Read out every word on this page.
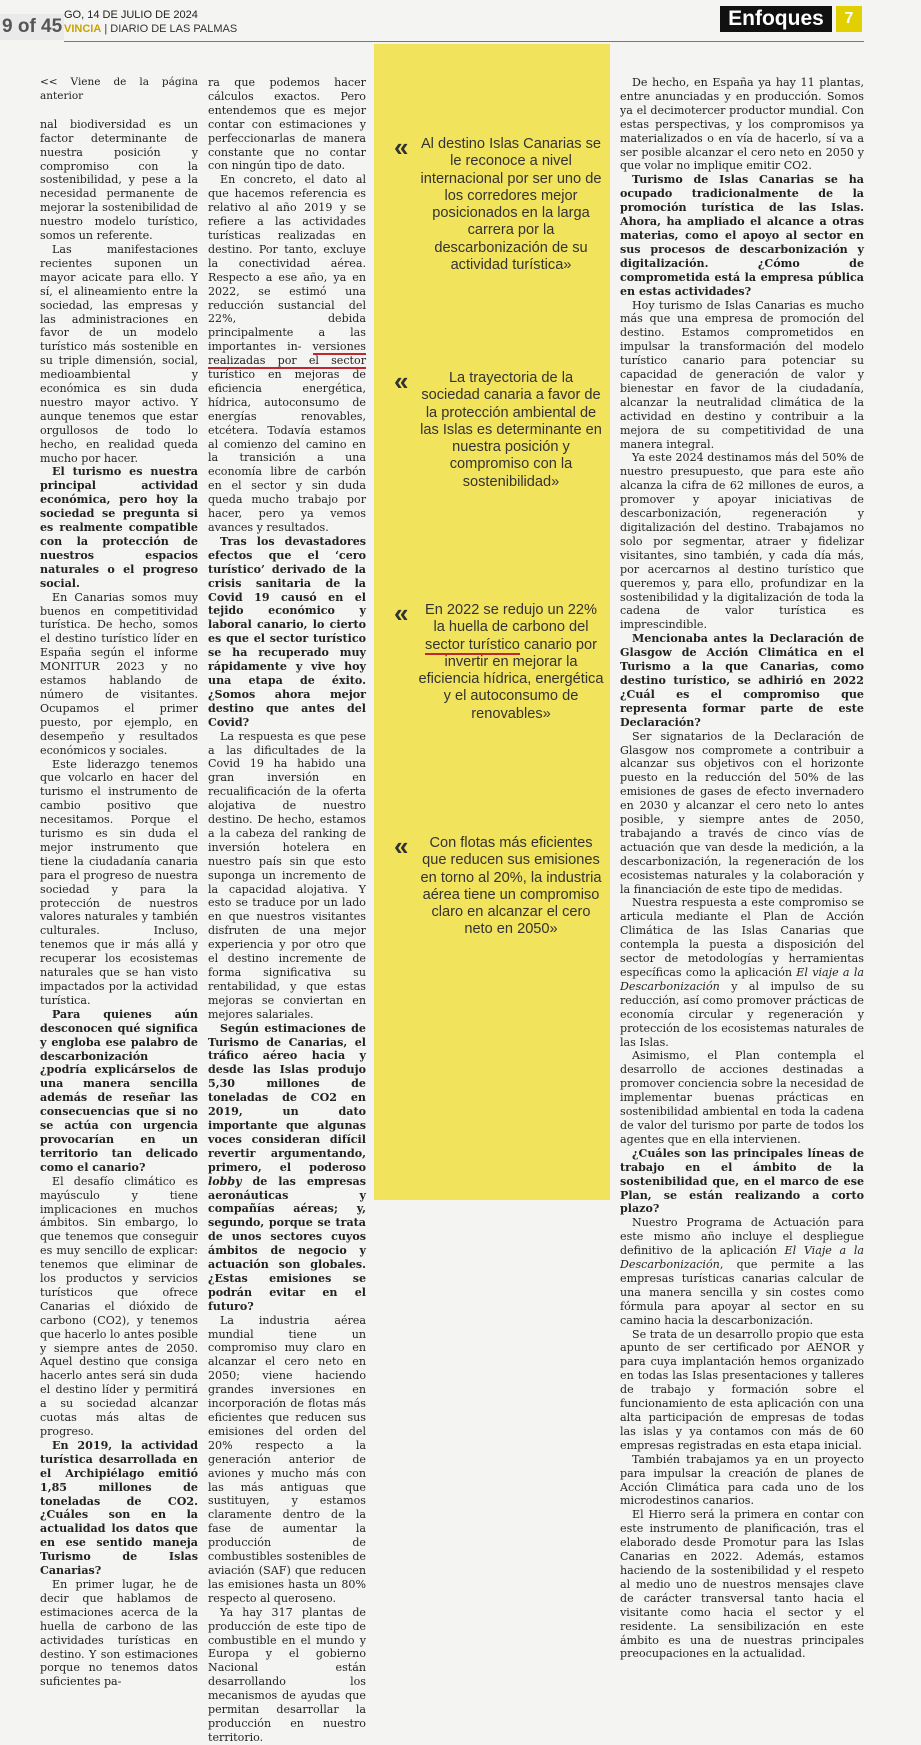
9 of 45
GO, 14 DE JULIO DE 2024
VINCIA | DIARIO DE LAS PALMAS	Enfoques	7

<< Viene de la página anterior

nal biodiversidad es un factor determinante de nuestra posición y compromiso con la sostenibilidad, y pese a la necesidad permanente de mejorar la sostenibilidad de nuestro modelo turístico, somos un referente.

Las manifestaciones recientes suponen un mayor acicate para ello. Y sí, el alineamiento entre la sociedad, las empresas y las administraciones en favor de un modelo turístico más sostenible en su triple dimensión, social, medioambiental y económica es sin duda nuestro mayor activo. Y aunque tenemos que estar orgullosos de todo lo hecho, en realidad queda mucho por hacer.

El turismo es nuestra principal actividad económica, pero hoy la sociedad se pregunta si es realmente compatible con la protección de nuestros espacios naturales o el progreso social.

En Canarias somos muy buenos en competitividad turística. De hecho, somos el destino turístico líder en España según el informe MONITUR 2023 y no estamos hablando de número de visitantes. Ocupamos el primer puesto, por ejemplo, en desempeño y resultados económicos y sociales.

Este liderazgo tenemos que volcarlo en hacer del turismo el instrumento de cambio positivo que necesitamos. Porque el turismo es sin duda el mejor instrumento que tiene la ciudadanía canaria para el progreso de nuestra sociedad y para la protección de nuestros valores naturales y también culturales. Incluso, tenemos que ir más allá y recuperar los ecosistemas naturales que se han visto impactados por la actividad turística.

Para quienes aún desconocen qué significa y engloba ese palabro de descarbonización ¿podría explicárselos de una manera sencilla además de reseñar las consecuencias que si no se actúa con urgencia provocarían en un territorio tan delicado como el canario?

El desafío climático es mayúsculo y tiene implicaciones en muchos ámbitos. Sin embargo, lo que tenemos que conseguir es muy sencillo de explicar: tenemos que eliminar de los productos y servicios turísticos que ofrece Canarias el dióxido de carbono (CO2), y tenemos que hacerlo lo antes posible y siempre antes de 2050. Aquel destino que consiga hacerlo antes será sin duda el destino líder y permitirá a su sociedad alcanzar cuotas más altas de progreso.

En 2019, la actividad turística desarrollada en el Archipiélago emitió 1,85 millones de toneladas de CO2. ¿Cuáles son en la actualidad los datos que en ese sentido maneja Turismo de Islas Canarias?

En primer lugar, he de decir que hablamos de estimaciones acerca de la huella de carbono de las actividades turísticas en destino. Y son estimaciones porque no tenemos datos suficientes pa-

ra que podemos hacer cálculos exactos. Pero entendemos que es mejor contar con estimaciones y perfeccionarlas de manera constante que no contar con ningún tipo de dato.

En concreto, el dato al que hacemos referencia es relativo al año 2019 y se refiere a las actividades turísticas realizadas en destino. Por tanto, excluye la conectividad aérea. Respecto a ese año, ya en 2022, se estimó una reducción sustancial del 22%, debida principalmente a las importantes in- versiones realizadas por el sector turístico en mejoras de eficiencia energética, hídrica, autoconsumo de energías renovables, etcétera. Todavía estamos al comienzo del camino en la transición a una economía libre de carbón en el sector y sin duda queda mucho trabajo por hacer, pero ya vemos avances y resultados.

Tras los devastadores efectos que el ‘cero turístico’ derivado de la crisis sanitaria de la Covid 19 causó en el tejido económico y laboral canario, lo cierto es que el sector turístico se ha recuperado muy rápidamente y vive hoy una etapa de éxito. ¿Somos ahora mejor destino que antes del Covid?

La respuesta es que pese a las dificultades de la Covid 19 ha habido una gran inversión en recualificación de la oferta alojativa de nuestro destino. De hecho, estamos a la cabeza del ranking de inversión hotelera en nuestro país sin que esto suponga un incremento de la capacidad alojativa. Y esto se traduce por un lado en que nuestros visitantes disfruten de una mejor experiencia y por otro que el destino incremente de forma significativa su rentabilidad, y que estas mejoras se conviertan en mejores salariales.

Según estimaciones de Turismo de Canarias, el tráfico aéreo hacia y desde las Islas produjo 5,30 millones de toneladas de CO2 en 2019, un dato importante que algunas voces consideran difícil revertir argumentando, primero, el poderoso lobby de las empresas aeronáuticas y compañías aéreas; y, segundo, porque se trata de unos sectores cuyos ámbitos de negocio y actuación son globales. ¿Estas emisiones se podrán evitar en el futuro?

La industria aérea mundial tiene un compromiso muy claro en alcanzar el cero neto en 2050; viene haciendo grandes inversiones en incorporación de flotas más eficientes que reducen sus emisiones del orden del 20% respecto a la generación anterior de aviones y mucho más con las más antiguas que sustituyen, y estamos claramente dentro de la fase de aumentar la producción de combustibles sostenibles de aviación (SAF) que reducen las emisiones hasta un 80% respecto al queroseno.

Ya hay 317 plantas de producción de este tipo de combustible en el mundo y Europa y el gobierno Nacional están desarrollando los mecanismos de ayudas que permitan desarrollar la producción en nuestro territorio.

« Al destino Islas Canarias se le reconoce a nivel internacional por ser uno de los corredores mejor posicionados en la larga carrera por la descarbonización de su actividad turística»
«	La trayectoria de la sociedad canaria a favor de la protección ambiental de las Islas es determinante en nuestra posición y compromiso con la sostenibilidad»
«	En 2022 se redujo un 22% la huella de carbono del sector turístico canario por invertir en mejorar la eficiencia hídrica, energética y el autoconsumo de renovables»
«	Con flotas más eficientes que reducen sus emisiones en torno al 20%, la industria aérea tiene un compromiso claro en alcanzar el cero neto en 2050»

De hecho, en España ya hay 11 plantas, entre anunciadas y en producción. Somos ya el decimotercer productor mundial. Con estas perspectivas, y los compromisos ya materializados o en vía de hacerlo, sí va a ser posible alcanzar el cero neto en 2050 y que volar no implique emitir CO2.

Turismo de Islas Canarias se ha ocupado tradicionalmente de la promoción turística de las Islas. Ahora, ha ampliado el alcance a otras materias, como el apoyo al sector en sus procesos de descarbonización y digitalización. ¿Cómo de comprometida está la empresa pública en estas actividades?

Hoy turismo de Islas Canarias es mucho más que una empresa de promoción del destino. Estamos comprometidos en impulsar la transformación del modelo turístico canario para potenciar su capacidad de generación de valor y bienestar en favor de la ciudadanía, alcanzar la neutralidad climática de la actividad en destino y contribuir a la mejora de su competitividad de una manera integral.

Ya este 2024 destinamos más del 50% de nuestro presupuesto, que para este año alcanza la cifra de 62 millones de euros, a promover y apoyar iniciativas de descarbonización, regeneración y digitalización del destino. Trabajamos no solo por segmentar, atraer y fidelizar visitantes, sino también, y cada día más, por acercarnos al destino turístico que queremos y, para ello, profundizar en la sostenibilidad y la digitalización de toda la cadena de valor turística es imprescindible.

Mencionaba antes la Declaración de Glasgow de Acción Climática en el Turismo a la que Canarias, como destino turístico, se adhirió en 2022 ¿Cuál es el compromiso que representa formar parte de este Declaración?

Ser signatarios de la Declaración de Glasgow nos compromete a contribuir a alcanzar sus objetivos con el horizonte puesto en la reducción del 50% de las emisiones de gases de efecto invernadero en 2030 y alcanzar el cero neto lo antes posible, y siempre antes de 2050, trabajando a través de cinco vías de actuación que van desde la medición, a la descarbonización, la regeneración de los ecosistemas naturales y la colaboración y la financiación de este tipo de medidas.

Nuestra respuesta a este compromiso se articula mediante el Plan de Acción Climática de las Islas Canarias que contempla la puesta a disposición del sector de metodologías y herramientas específicas como la aplicación El viaje a la Descarbonización y al impulso de su reducción, así como promover prácticas de economía circular y regeneración y protección de los ecosistemas naturales de las Islas.

Asimismo, el Plan contempla el desarrollo de acciones destinadas a promover conciencia sobre la necesidad de implementar buenas prácticas en sostenibilidad ambiental en toda la cadena de valor del turismo por parte de todos los agentes que en ella intervienen.

¿Cuáles son las principales líneas de trabajo en el ámbito de la sostenibilidad que, en el marco de ese Plan, se están realizando a corto plazo?

Nuestro Programa de Actuación para este mismo año incluye el despliegue definitivo de la aplicación El Viaje a la Descarbonización, que permite a las empresas turísticas canarias calcular de una manera sencilla y sin costes como fórmula para apoyar al sector en su camino hacia la descarbonización.

Se trata de un desarrollo propio que esta apunto de ser certificado por AENOR y para cuya implantación hemos organizado en todas las Islas presentaciones y talleres de trabajo y formación sobre el funcionamiento de esta aplicación con una alta participación de empresas de todas las islas y ya contamos con más de 60 empresas registradas en esta etapa inicial.

También trabajamos ya en un proyecto para impulsar la creación de planes de Acción Climática para cada uno de los microdestinos canarios.

El Hierro será la primera en contar con este instrumento de planificación, tras el elaborado desde Promotur para las Islas Canarias en 2022. Además, estamos haciendo de la sostenibilidad y el respeto al medio uno de nuestros mensajes clave de carácter transversal tanto hacia el visitante como hacia el sector y el residente. La sensibilización en este ámbito es una de nuestras principales preocupaciones en la actualidad.
